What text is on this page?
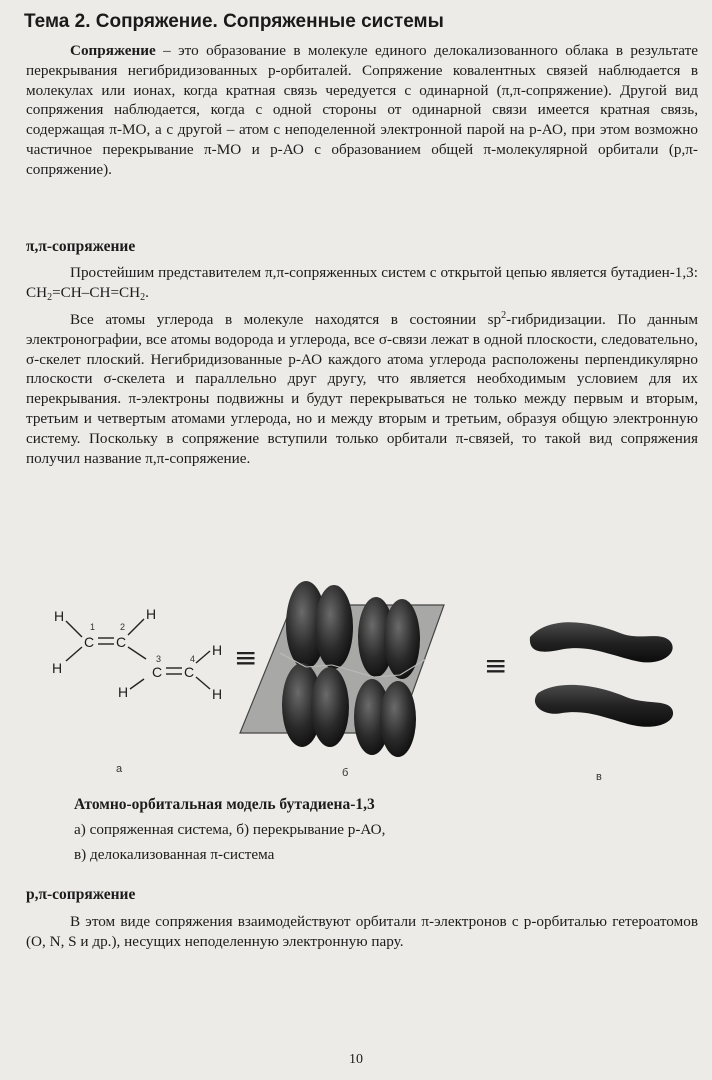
Тема 2. Сопряжение. Сопряженные системы
Сопряжение – это образование в молекуле единого делокализованного облака в результате перекрывания негибридизованных р-орбиталей. Сопряжение ковалентных связей наблюдается в молекулах или ионах, когда кратная связь чередуется с одинарной (π,π-сопряжение). Другой вид сопряжения наблюдается, когда с одной стороны от одинарной связи имеется кратная связь, содержащая π-МО, а с другой – атом с неподеленной электронной парой на р-АО, при этом возможно частичное перекрывание π-МО и р-АО с образованием общей π-молекулярной орбитали (р,π-сопряжение).
π,π-сопряжение
Простейшим представителем π,π-сопряженных систем с открытой цепью является бутадиен-1,3: $CH_2=CH-CH=CH_2$.
Все атомы углерода в молекуле находятся в состоянии $sp^2$-гибридизации. По данным электронографии, все атомы водорода и углерода, все σ-связи лежат в одной плоскости, следовательно, σ-скелет плоский. Негибридизованные р-АО каждого атома углерода расположены перпендикулярно плоскости σ-скелета и параллельно друг другу, что является необходимым условием для их перекрывания. π-электроны подвижны и будут перекрываться не только между первым и вторым, третьим и четвертым атомами углерода, но и между вторым и третьим, образуя общую электронную систему. Поскольку в сопряжение вступили только орбитали π-связей, то такой вид сопряжения получил название π,π-сопряжение.
H
H
C C
H
C C
H
H
H
1	2
3	4 ≡	≡
а	б	в
Атомно-орбитальная модель бутадиена-1,3
а) сопряженная система, б) перекрывание р-АО,
в) делокализованная π-система
р,π-сопряжение
В этом виде сопряжения взаимодействуют орбитали π-электронов с р-орбиталью гетероатомов (O, N, S и др.), несущих неподеленную электронную пару.
10
